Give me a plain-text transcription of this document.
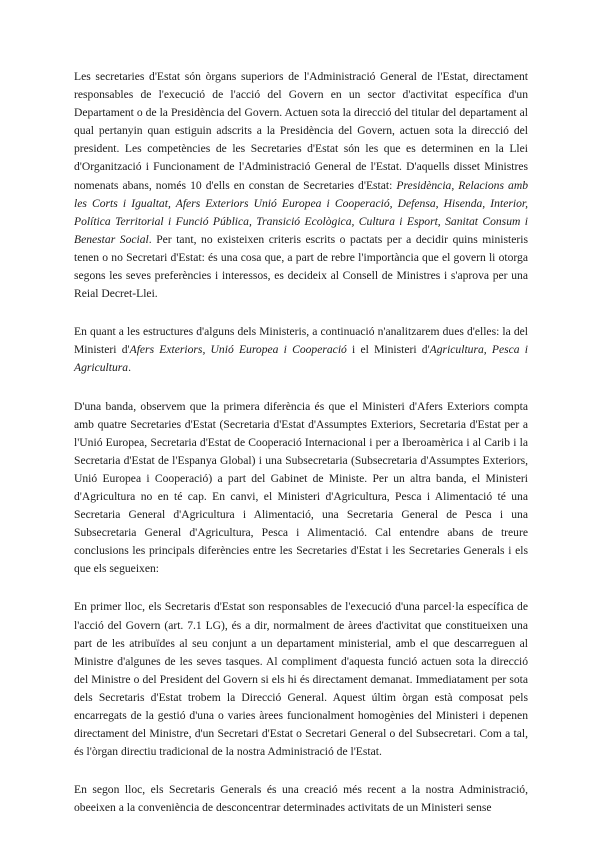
Les secretaries d'Estat són òrgans superiors de l'Administració General de l'Estat, directament responsables de l'execució de l'acció del Govern en un sector d'activitat específica d'un Departament o de la Presidència del Govern. Actuen sota la direcció del titular del departament al qual pertanyin quan estiguin adscrits a la Presidència del Govern, actuen sota la direcció del president. Les competències de les Secretaries d'Estat són les que es determinen en la Llei d'Organització i Funcionament de l'Administració General de l'Estat. D'aquells disset Ministres nomenats abans, només 10 d'ells en constan de Secretaries d'Estat: Presidència, Relacions amb les Corts i Igualtat, Afers Exteriors Unió Europea i Cooperació, Defensa, Hisenda, Interior, Política Territorial i Funció Pública, Transició Ecològica, Cultura i Esport, Sanitat Consum i Benestar Social. Per tant, no existeixen criteris escrits o pactats per a decidir quins ministeris tenen o no Secretari d'Estat: és una cosa que, a part de rebre l'importància que el govern li otorga segons les seves preferències i interessos, es decideix al Consell de Ministres i s'aprova per una Reial Decret-Llei.

En quant a les estructures d'alguns dels Ministeris, a continuació n'analitzarem dues d'elles: la del Ministeri d'Afers Exteriors, Unió Europea i Cooperació i el Ministeri d'Agricultura, Pesca i Agricultura.

D'una banda, observem que la primera diferència és que el Ministeri d'Afers Exteriors compta amb quatre Secretaries d'Estat (Secretaria d'Estat d'Assumptes Exteriors, Secretaria d'Estat per a l'Unió Europea, Secretaria d'Estat de Cooperació Internacional i per a Iberoamèrica i al Carib i la Secretaria d'Estat de l'Espanya Global) i una Subsecretaria (Subsecretaria d'Assumptes Exteriors, Unió Europea i Cooperació) a part del Gabinet de Ministe. Per un altra banda, el Ministeri d'Agricultura no en té cap. En canvi, el Ministeri d'Agricultura, Pesca i Alimentació té una Secretaria General d'Agricultura i Alimentació, una Secretaria General de Pesca i una Subsecretaria General d'Agricultura, Pesca i Alimentació. Cal entendre abans de treure conclusions les principals diferències entre les Secretaries d'Estat i les Secretaries Generals i els que els segueixen:

En primer lloc, els Secretaris d'Estat son responsables de l'execució d'una parcel·la específica de l'acció del Govern (art. 7.1 LG), és a dir, normalment de àrees d'activitat que constitueixen una part de les atribuïdes al seu conjunt a un departament ministerial, amb el que descarreguen al Ministre d'algunes de les seves tasques. Al compliment d'aquesta funció actuen sota la direcció del Ministre o del President del Govern si els hi és directament demanat. Immediatament per sota dels Secretaris d'Estat trobem la Direcció General. Aquest últim òrgan està composat pels encarregats de la gestió d'una o varies àrees funcionalment homogènies del Ministeri i depenen directament del Ministre, d'un Secretari d'Estat o Secretari General o del Subsecretari. Com a tal, és l'òrgan directiu tradicional de la nostra Administració de l'Estat.

En segon lloc, els Secretaris Generals és una creació més recent a la nostra Administració, obeeixen a la conveniència de desconcentrar determinades activitats de un Ministeri sense
